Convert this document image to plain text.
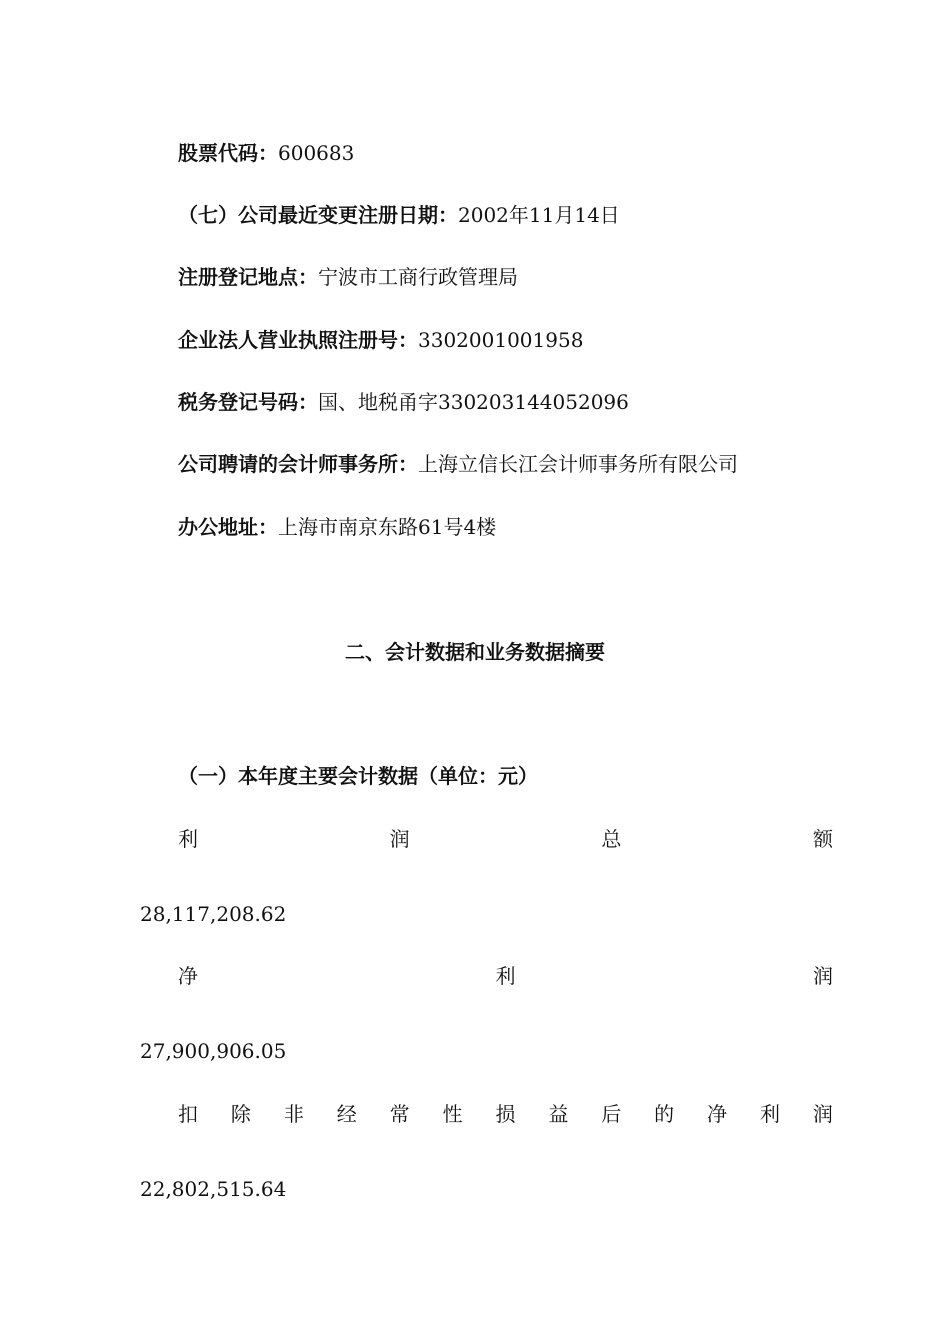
股票代码：600683
（七）公司最近变更注册日期：2002年11月14日
注册登记地点：宁波市工商行政管理局
企业法人营业执照注册号：3302001001958
税务登记号码：国、地税甬字330203144052096
公司聘请的会计师事务所：上海立信长江会计师事务所有限公司
办公地址：上海市南京东路61号4楼
二、会计数据和业务数据摘要
（一）本年度主要会计数据（单位：元）
利	润	总	额
28,117,208.62
净	利	润
27,900,906.05
扣 除 非 经 常 性 损 益 后 的 净 利 润
22,802,515.64
